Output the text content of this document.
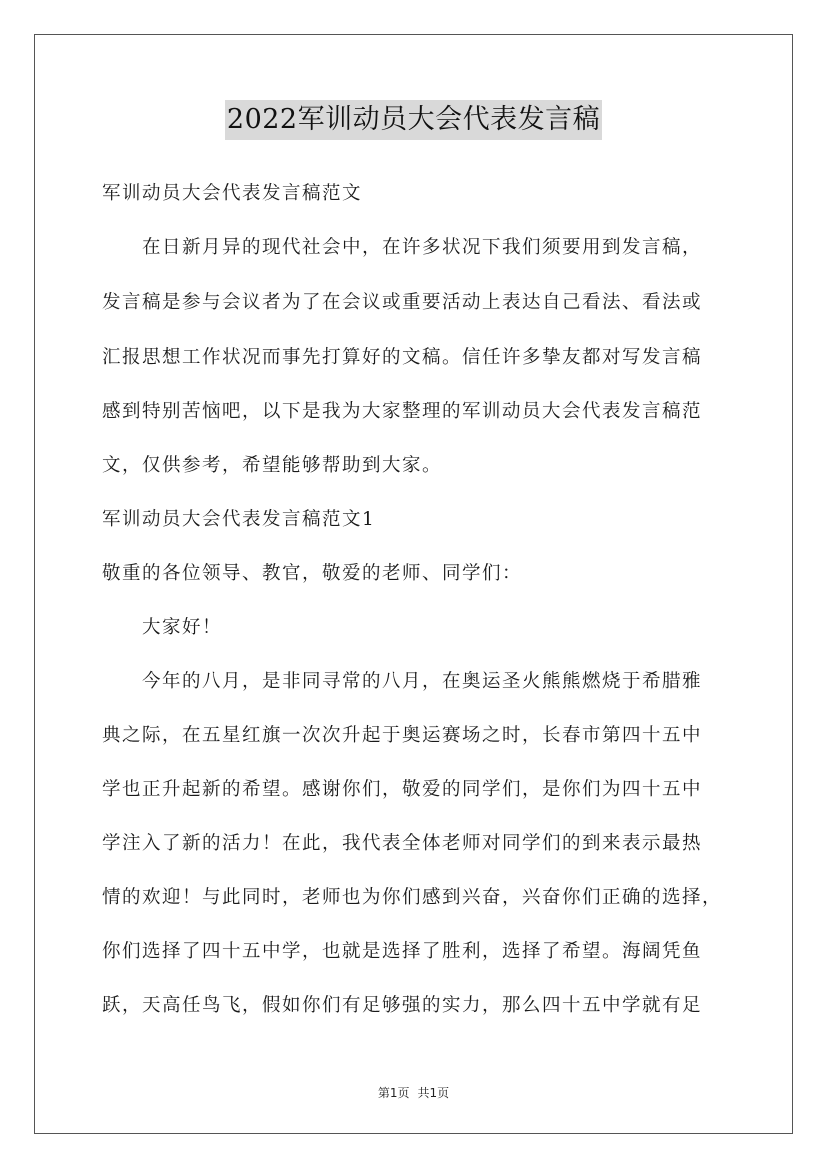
2022军训动员大会代表发言稿
军训动员大会代表发言稿范文
在日新月异的现代社会中，在许多状况下我们须要用到发言稿，
发言稿是参与会议者为了在会议或重要活动上表达自己看法、看法或
汇报思想工作状况而事先打算好的文稿。信任许多挚友都对写发言稿
感到特别苦恼吧，以下是我为大家整理的军训动员大会代表发言稿范
文，仅供参考，希望能够帮助到大家。
军训动员大会代表发言稿范文1
敬重的各位领导、教官，敬爱的老师、同学们：
大家好！
今年的八月，是非同寻常的八月，在奥运圣火熊熊燃烧于希腊雅
典之际，在五星红旗一次次升起于奥运赛场之时，长春市第四十五中
学也正升起新的希望。感谢你们，敬爱的同学们，是你们为四十五中
学注入了新的活力！在此，我代表全体老师对同学们的到来表示最热
情的欢迎！与此同时，老师也为你们感到兴奋，兴奋你们正确的选择，
你们选择了四十五中学，也就是选择了胜利，选择了希望。海阔凭鱼
跃，天高任鸟飞，假如你们有足够强的实力，那么四十五中学就有足
第1页 共1页
